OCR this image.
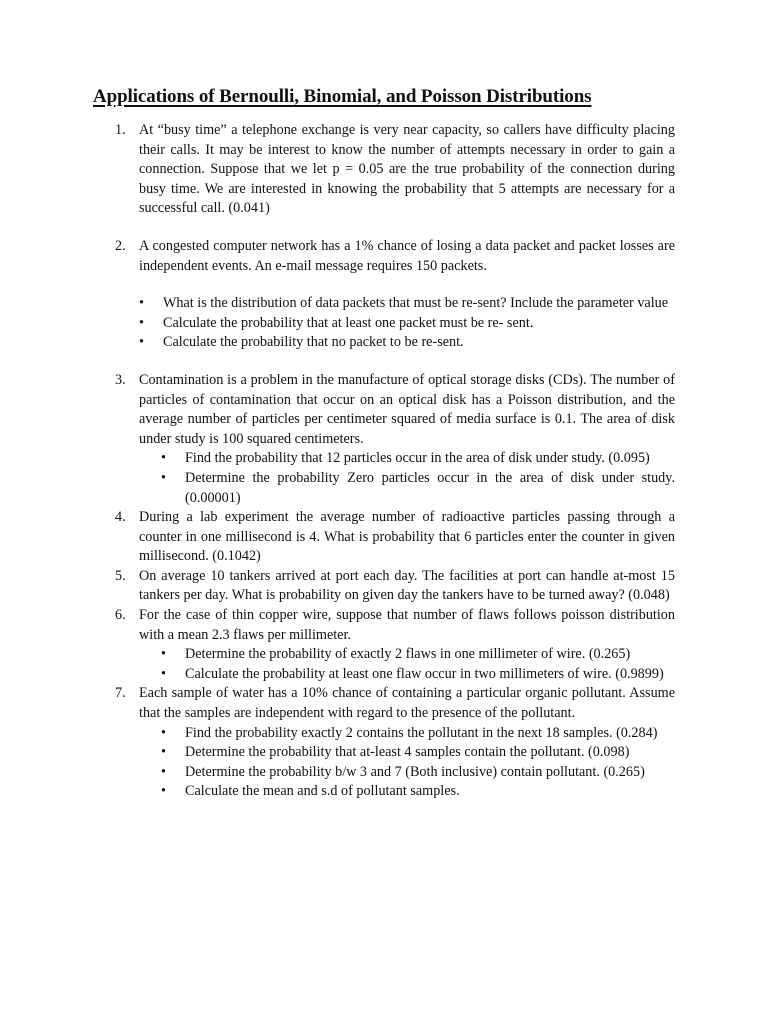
Applications of Bernoulli, Binomial, and Poisson Distributions
1. At “busy time” a telephone exchange is very near capacity, so callers have difficulty placing their calls. It may be interest to know the number of attempts necessary in order to gain a connection. Suppose that we let p = 0.05 are the true probability of the connection during busy time. We are interested in knowing the probability that 5 attempts are necessary for a successful call. (0.041)
2. A congested computer network has a 1% chance of losing a data packet and packet losses are independent events. An e-mail message requires 150 packets.
• What is the distribution of data packets that must be re-sent? Include the parameter value
• Calculate the probability that at least one packet must be re- sent.
• Calculate the probability that no packet to be re-sent.
3. Contamination is a problem in the manufacture of optical storage disks (CDs). The number of particles of contamination that occur on an optical disk has a Poisson distribution, and the average number of particles per centimeter squared of media surface is 0.1. The area of disk under study is 100 squared centimeters.
• Find the probability that 12 particles occur in the area of disk under study. (0.095)
• Determine the probability Zero particles occur in the area of disk under study. (0.00001)
4. During a lab experiment the average number of radioactive particles passing through a counter in one millisecond is 4. What is probability that 6 particles enter the counter in given millisecond. (0.1042)
5. On average 10 tankers arrived at port each day. The facilities at port can handle at-most 15 tankers per day. What is probability on given day the tankers have to be turned away? (0.048)
6. For the case of thin copper wire, suppose that number of flaws follows poisson distribution with a mean 2.3 flaws per millimeter.
• Determine the probability of exactly 2 flaws in one millimeter of wire. (0.265)
• Calculate the probability at least one flaw occur in two millimeters of wire. (0.9899)
7. Each sample of water has a 10% chance of containing a particular organic pollutant. Assume that the samples are independent with regard to the presence of the pollutant.
• Find the probability exactly 2 contains the pollutant in the next 18 samples. (0.284)
• Determine the probability that at-least 4 samples contain the pollutant. (0.098)
• Determine the probability b/w 3 and 7 (Both inclusive) contain pollutant. (0.265)
• Calculate the mean and s.d of pollutant samples.
